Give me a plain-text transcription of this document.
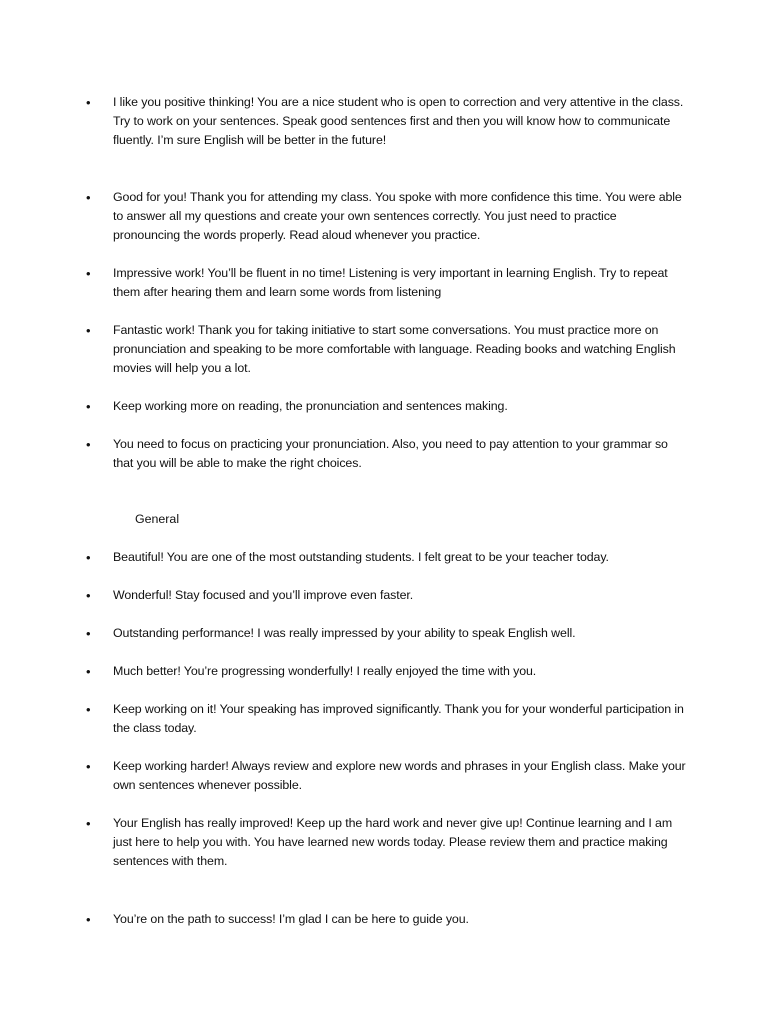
•	I like you positive thinking! You are a nice student who is open to correction and very attentive in the class. Try to work on your sentences. Speak good sentences first and then you will know how to communicate fluently. I’m sure English will be better in the future!
•	Good for you! Thank you for attending my class. You spoke with more confidence this time. You were able to answer all my questions and create your own sentences correctly. You just need to practice pronouncing the words properly. Read aloud whenever you practice.
•	Impressive work! You’ll be fluent in no time! Listening is very important in learning English. Try to repeat them after hearing them and learn some words from listening
•	Fantastic work! Thank you for taking initiative to start some conversations. You must practice more on pronunciation and speaking to be more comfortable with language. Reading books and watching English movies will help you a lot.
•	Keep working more on reading, the pronunciation and sentences making.
•	You need to focus on practicing your pronunciation. Also, you need to pay attention to your grammar so that you will be able to make the right choices.
General
•	Beautiful! You are one of the most outstanding students. I felt great to be your teacher today.
•	Wonderful! Stay focused and you’ll improve even faster.
•	Outstanding performance! I was really impressed by your ability to speak English well.
•	Much better! You’re progressing wonderfully! I really enjoyed the time with you.
•	Keep working on it! Your speaking has improved significantly. Thank you for your wonderful participation in the class today.
•	Keep working harder! Always review and explore new words and phrases in your English class. Make your own sentences whenever possible.
•	Your English has really improved! Keep up the hard work and never give up! Continue learning and I am just here to help you with. You have learned new words today. Please review them and practice making sentences with them.
•	You’re on the path to success! I’m glad I can be here to guide you.
